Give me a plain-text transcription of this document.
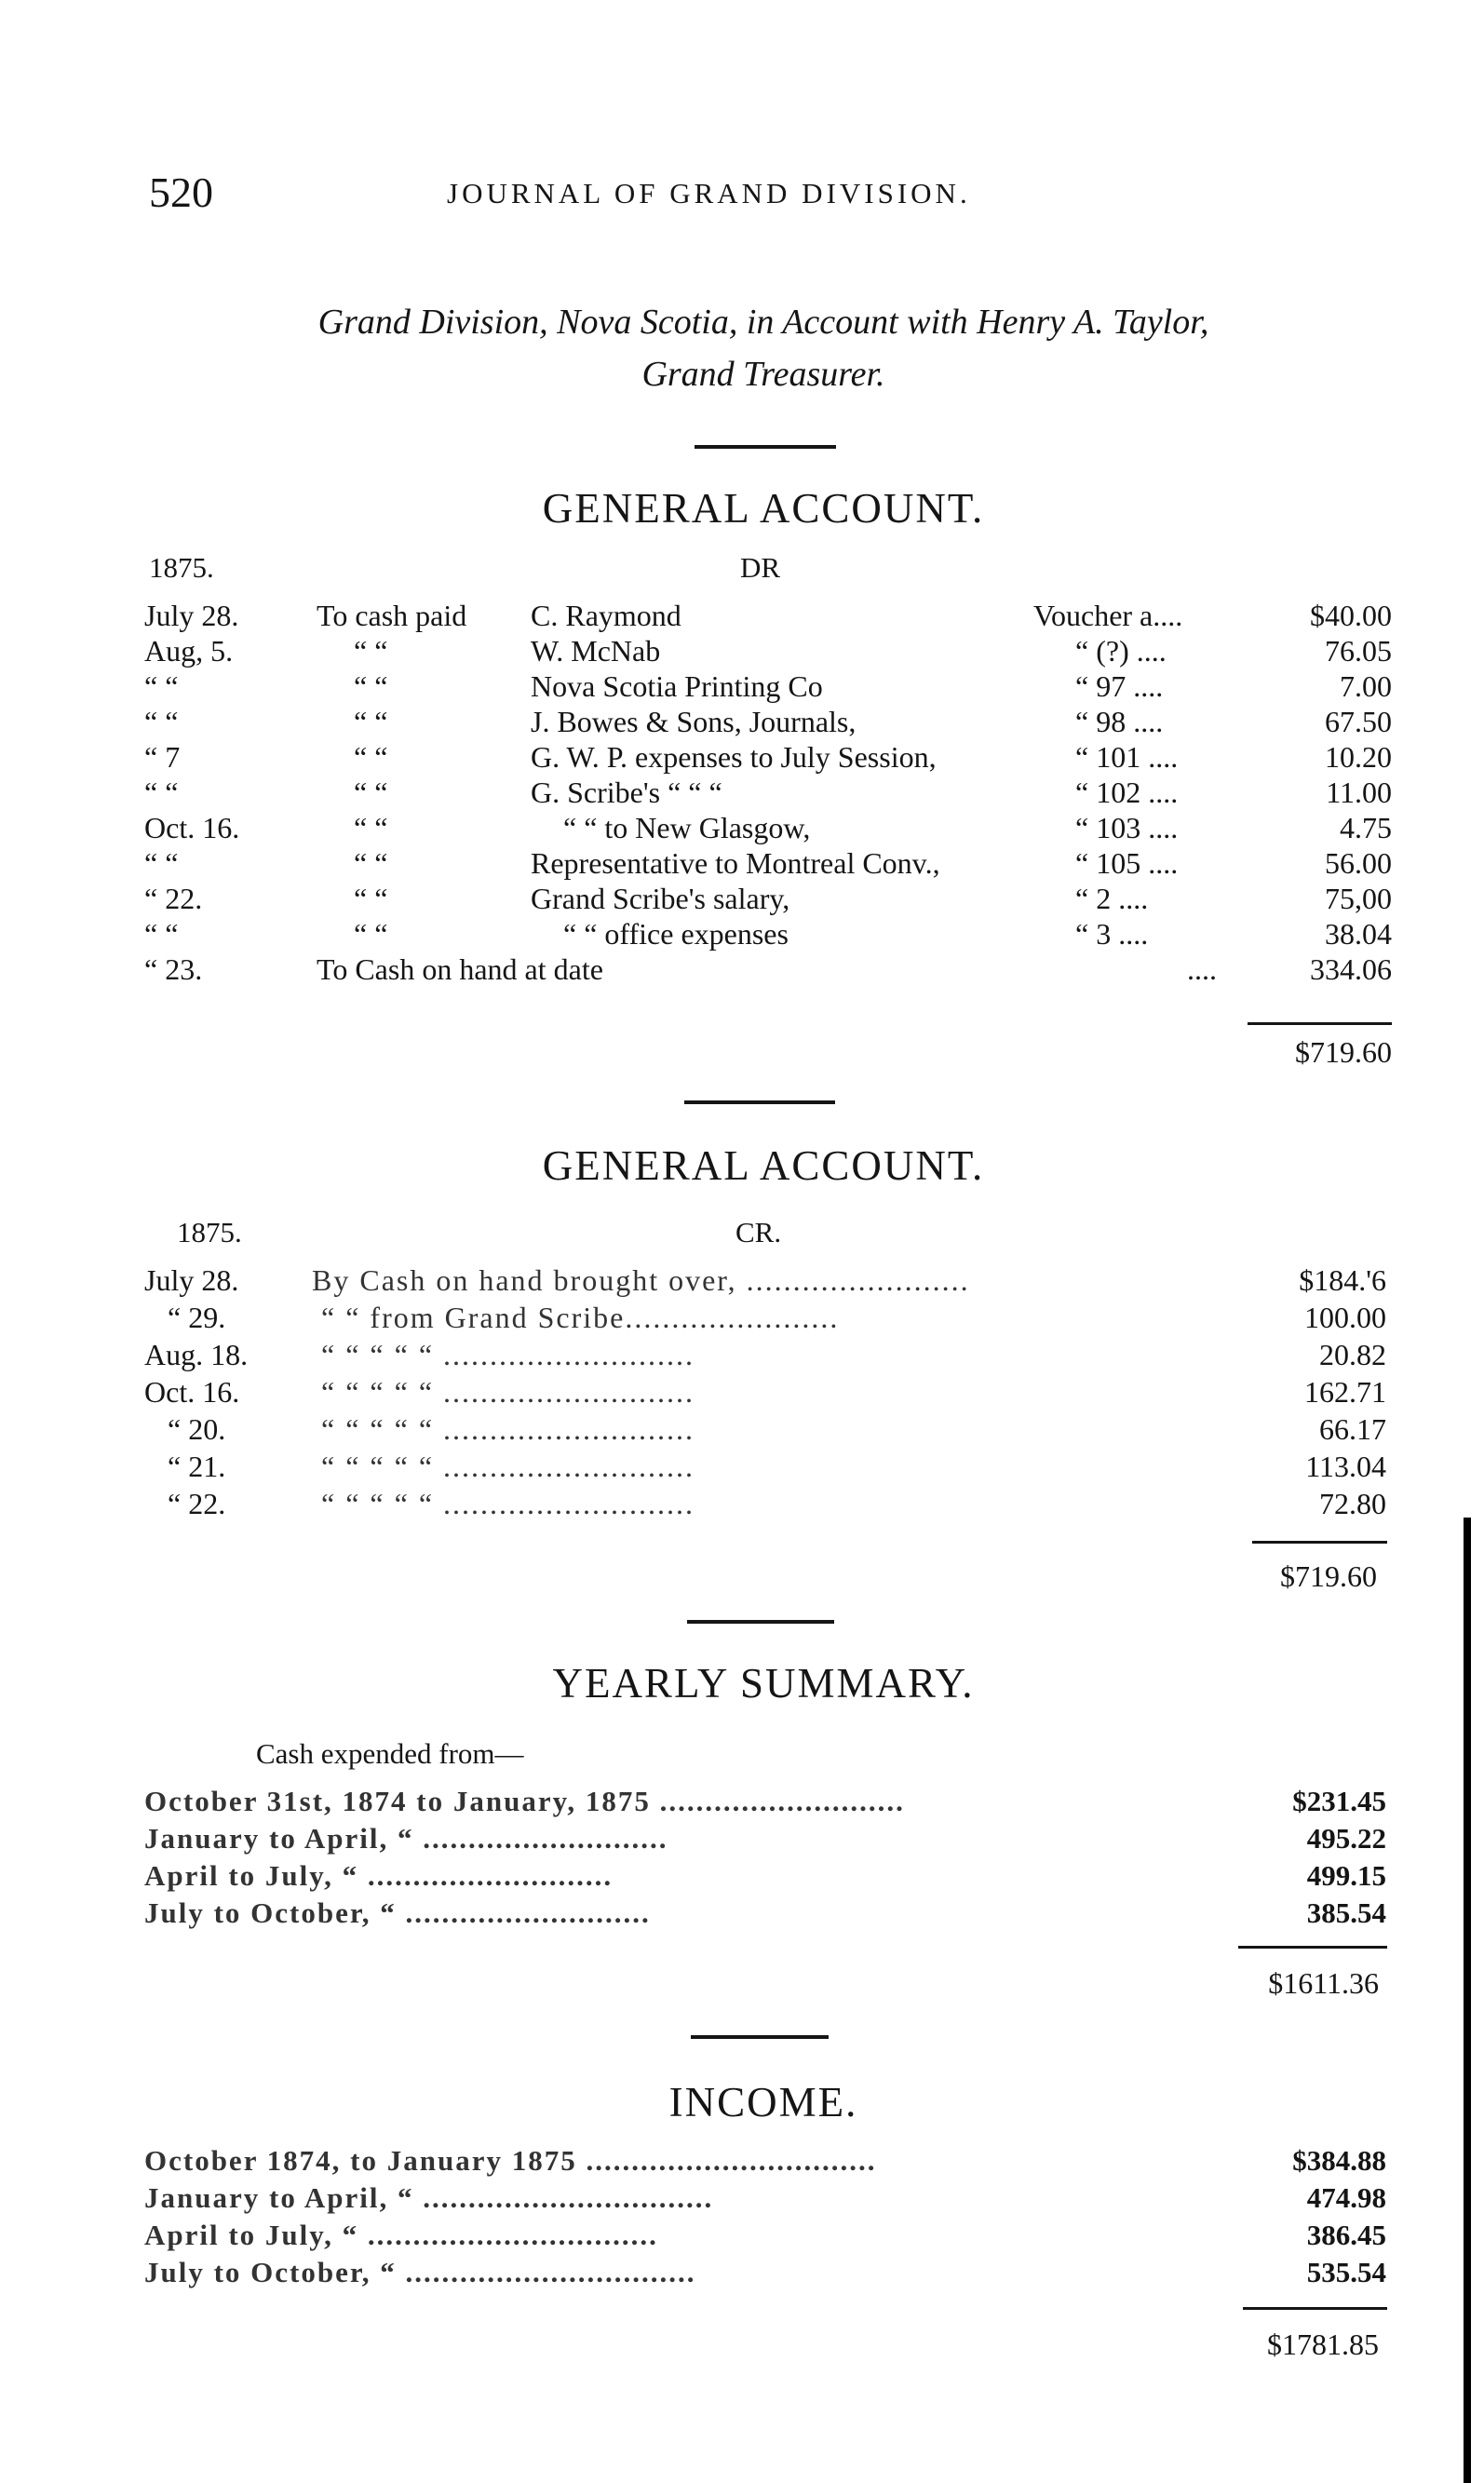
520	JOURNAL OF GRAND DIVISION.
Grand Division, Nova Scotia, in Account with Henry A. Taylor,
Grand Treasurer.
GENERAL ACCOUNT.
1875.	DR
July 28.	To cash paid C. Raymond	Voucher a....	$40.00
Aug, 5.	“ “	W. McNab	“ (?) ....	76.05
“ “	“ “	Nova Scotia Printing Co	“ 97 ....	7.00
“ “	“ “	J. Bowes & Sons, Journals,	“ 98 ....	67.50
“ 7	“ “	G. W. P. expenses to July Session,	“ 101 ....	10.20
“ “	“ “	G. Scribe's “ “ “	“ 102 ....	11.00
Oct. 16.	“ “	“ “ to New Glasgow,	“ 103 ....	4.75
“ “	“ “	Representative to Montreal Conv.,	“ 105 ....	56.00
“ 22.	“ “	Grand Scribe's salary,	“ 2 ....	75,00
“ “	“ “	“ “ office expenses	“ 3 ....	38.04
“ 23.	To Cash on hand at date	....	334.06
$719.60
GENERAL ACCOUNT.
1875.	CR.
July 28. By Cash on hand brought over, ........................	$184.'6
“ 29.	“ “ from Grand Scribe.......................	100.00
Aug. 18. “ “ “ “ “ ...........................	20.82
Oct. 16.	“ “ “ “ “ ...........................	162.71
“ 20.	“ “ “ “ “ ...........................	66.17
“ 21.	“ “ “ “ “ ...........................	113.04
“ 22.	“ “ “ “ “ ...........................	72.80
$719.60
YEARLY SUMMARY.
Cash expended from—
October 31st, 1874 to January, 1875 ...........................	$231.45
January to April, “ ...........................	495.22
April to July, “ ...........................	499.15
July to October, “ ...........................	385.54
$1611.36
INCOME.
October 1874, to January 1875 ................................	$384.88
January to April, “ ................................	474.98
April to July, “ ................................	386.45
July to October, “ ................................	535.54
$1781.85
